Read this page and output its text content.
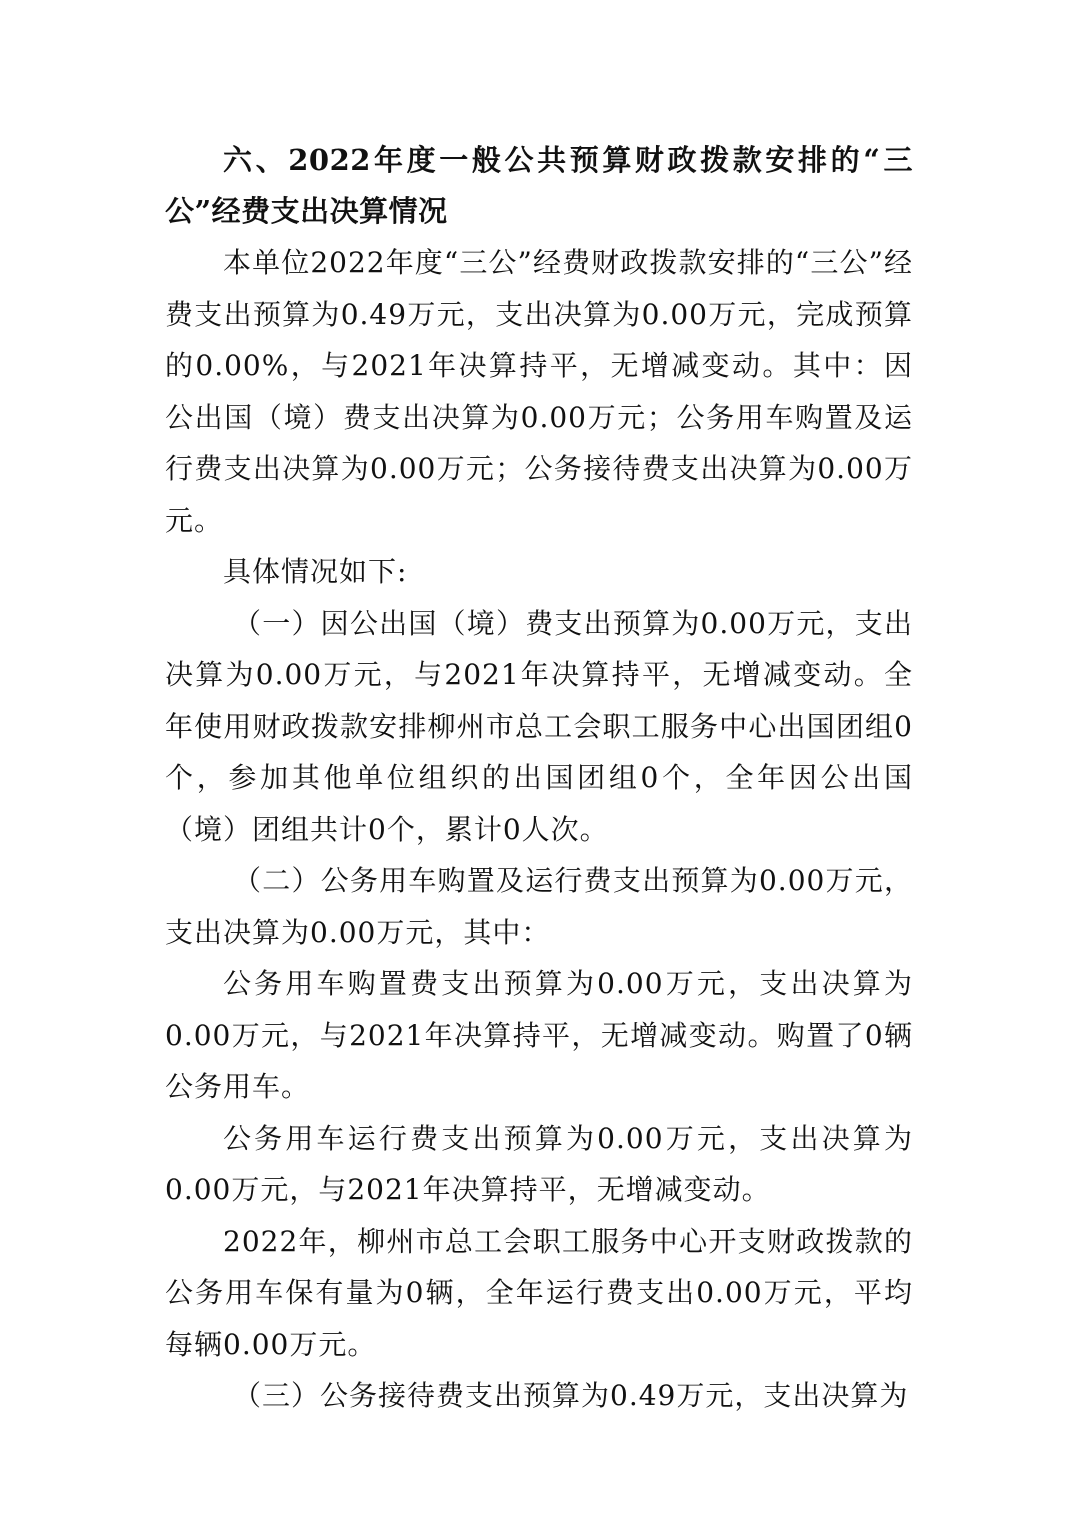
六、2022年度一般公共预算财政拨款安排的“三公”经费支出决算情况

本单位2022年度“三公”经费财政拨款安排的“三公”经费支出预算为0.49万元，支出决算为0.00万元，完成预算的0.00%，与2021年决算持平，无增减变动。其中：因公出国（境）费支出决算为0.00万元；公务用车购置及运行费支出决算为0.00万元；公务接待费支出决算为0.00万元。

具体情况如下:

（一）因公出国（境）费支出预算为0.00万元，支出决算为0.00万元，与2021年决算持平，无增减变动。全年使用财政拨款安排柳州市总工会职工服务中心出国团组0个，参加其他单位组织的出国团组0个，全年因公出国（境）团组共计0个，累计0人次。

（二）公务用车购置及运行费支出预算为0.00万元，支出决算为0.00万元，其中：

公务用车购置费支出预算为0.00万元，支出决算为0.00万元，与2021年决算持平，无增减变动。购置了0辆公务用车。

公务用车运行费支出预算为0.00万元，支出决算为0.00万元，与2021年决算持平，无增减变动。

2022年，柳州市总工会职工服务中心开支财政拨款的公务用车保有量为0辆，全年运行费支出0.00万元，平均每辆0.00万元。

（三）公务接待费支出预算为0.49万元，支出决算为
